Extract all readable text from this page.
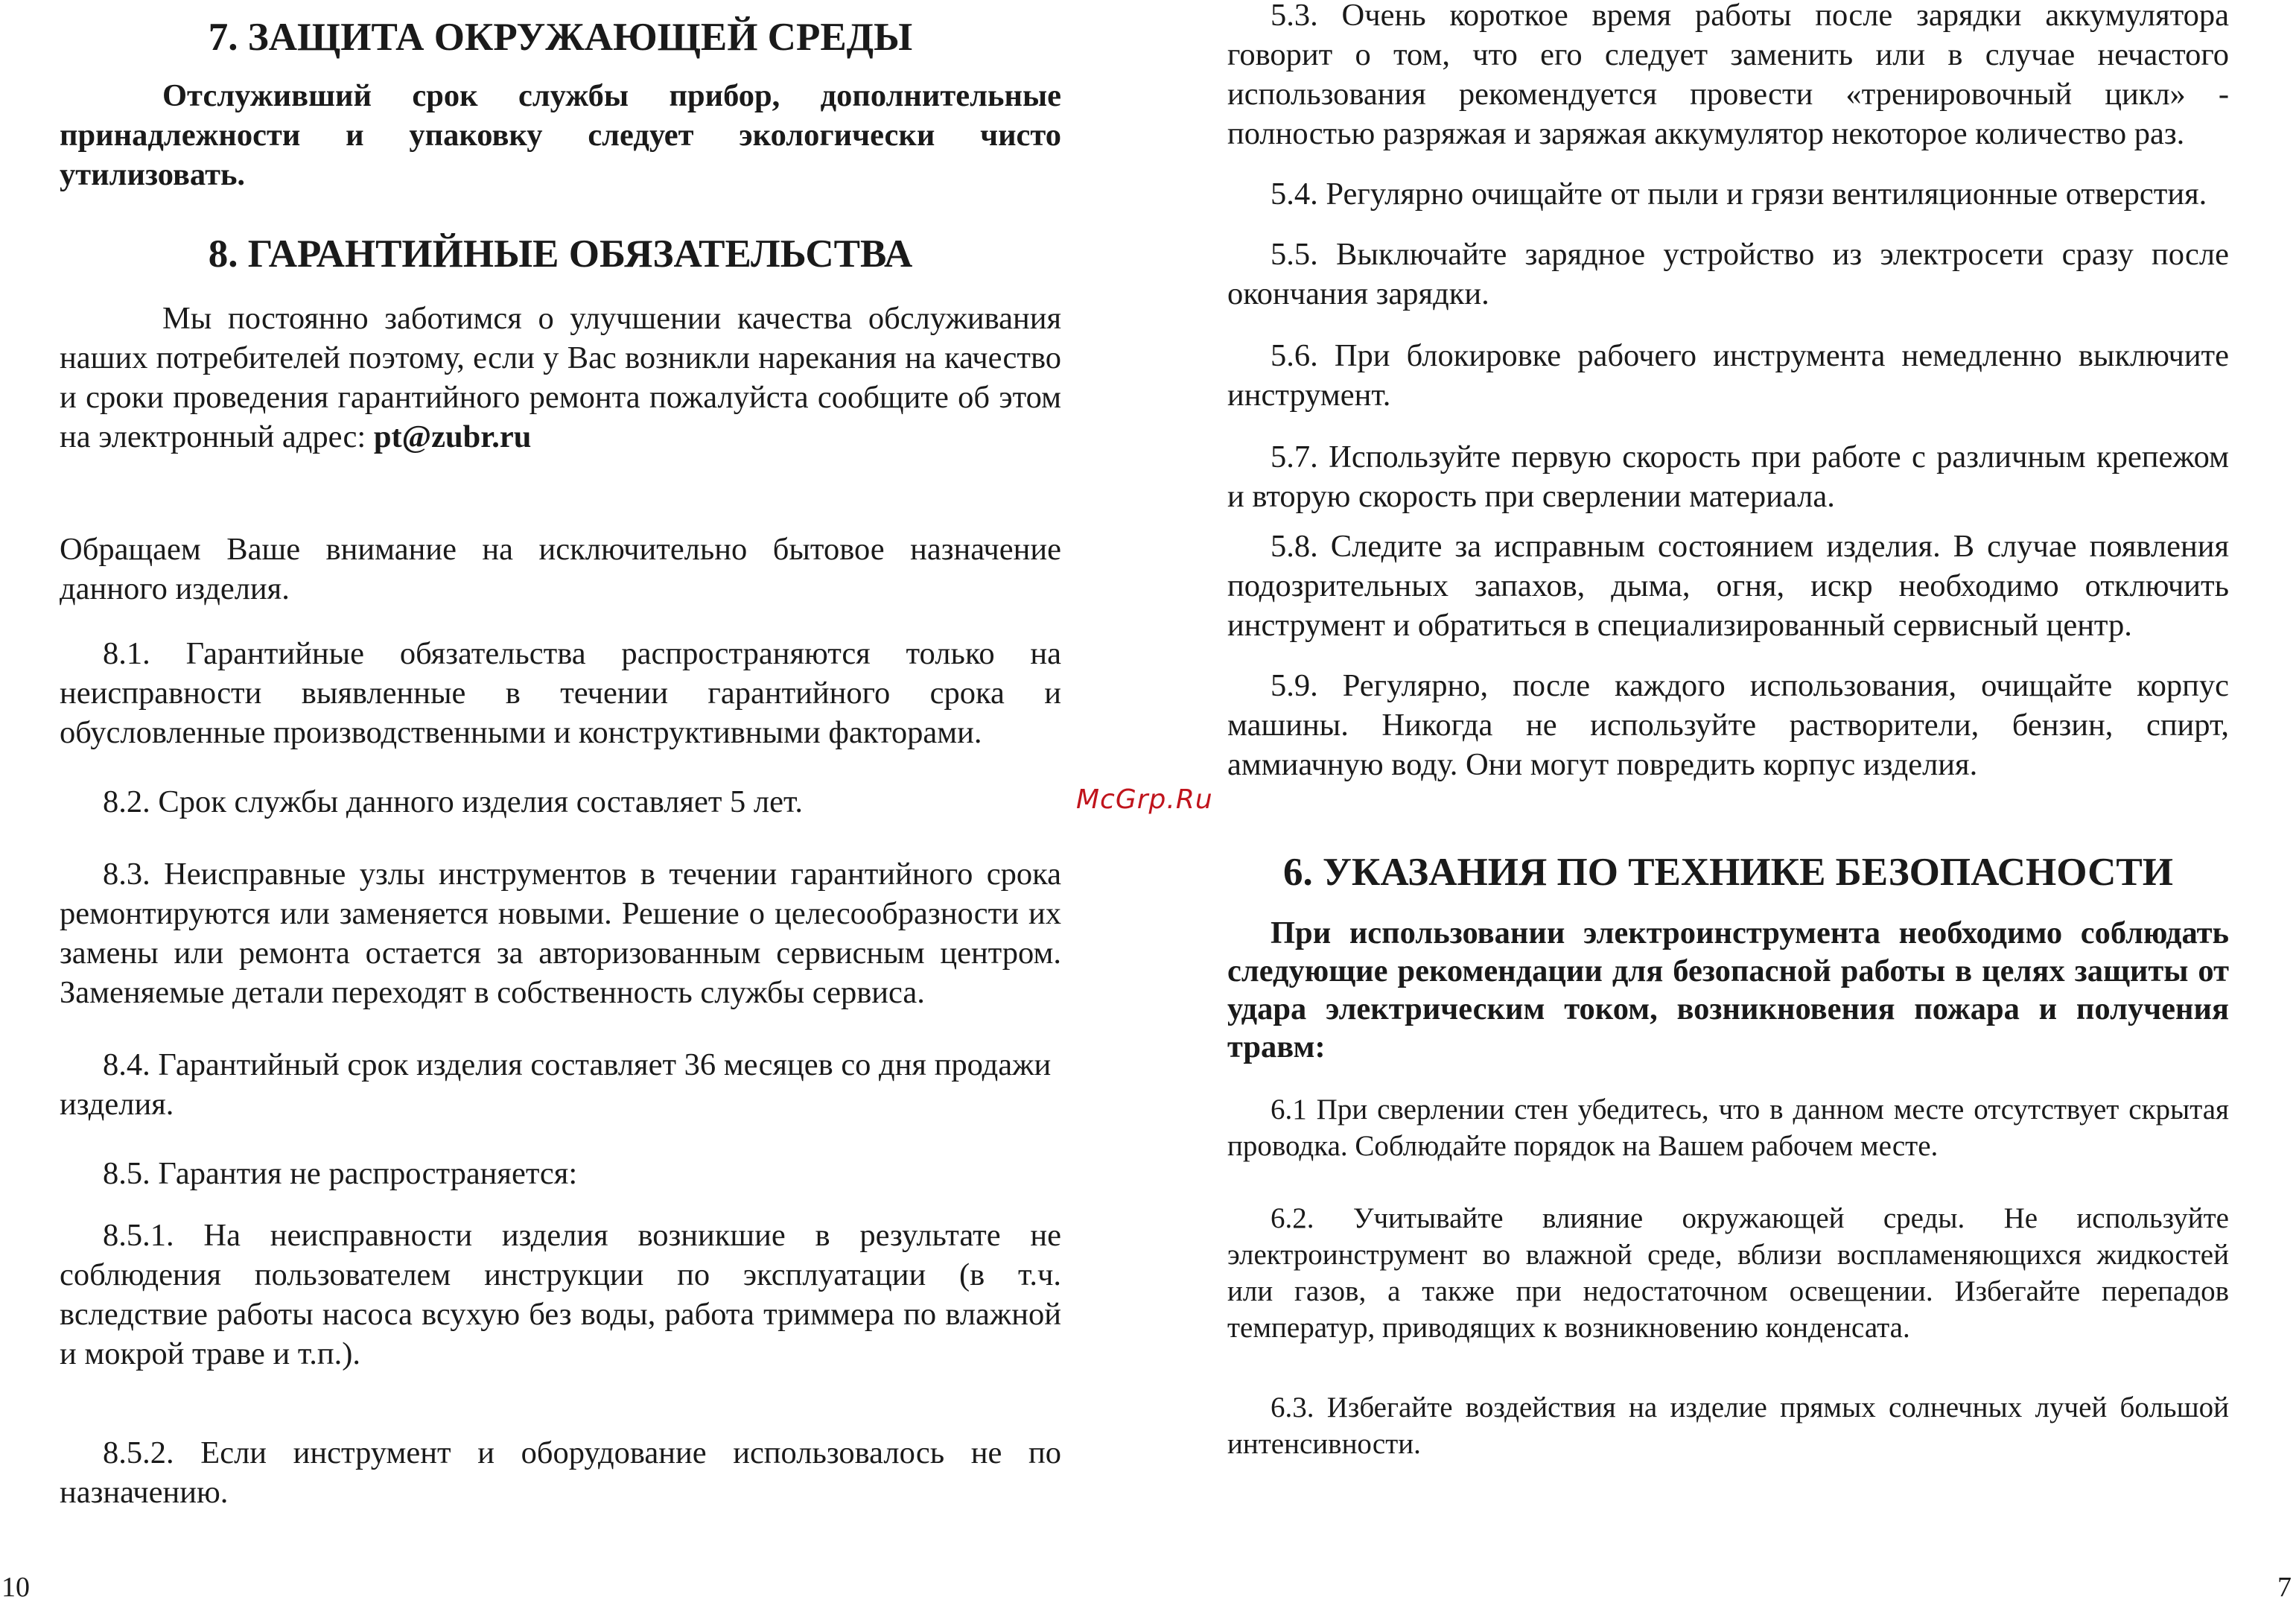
7. ЗАЩИТА ОКРУЖАЮЩЕЙ СРЕДЫ

Отслуживший срок службы прибор, дополнительные принадлежности и упаковку следует экологически чисто утилизовать.

8. ГАРАНТИЙНЫЕ ОБЯЗАТЕЛЬСТВА

Мы постоянно заботимся о улучшении качества обслуживания наших потребителей поэтому, если у Вас возникли нарекания на качество и сроки проведения гарантийного ремонта пожалуйста сообщите об этом на электронный адрес: pt@zubr.ru

Обращаем Ваше внимание на исключительно бытовое назначение данного изделия.

8.1. Гарантийные обязательства распространяются только на неисправности выявленные в течении гарантийного срока и обусловленные производственными и конструктивными факторами.

8.2. Срок службы данного изделия составляет 5 лет.

8.3. Неисправные узлы инструментов в течении гарантийного срока ремонтируются или заменяется новыми. Решение о целесообразности их замены или ремонта остается за авторизованным сервисным центром. Заменяемые детали переходят в собственность службы сервиса.

8.4. Гарантийный срок изделия составляет 36 месяцев со дня продажи изделия.

8.5. Гарантия не распространяется:

8.5.1. На неисправности изделия возникшие в результате не соблюдения пользователем инструкции по эксплуатации (в т.ч. вследствие работы насоса всухую без воды, работа триммера по влажной и мокрой траве и т.п.).

8.5.2. Если инструмент и оборудование использовалось не по назначению.

10
McGrp.Ru

5.3. Очень короткое время работы после зарядки аккумулятора говорит о том, что его следует заменить или в случае нечастого использования рекомендуется провести «тренировочный цикл» - полностью разряжая и заряжая аккумулятор некоторое количество раз.

5.4. Регулярно очищайте от пыли и грязи вентиляционные отверстия.

5.5. Выключайте зарядное устройство из электросети сразу после окончания зарядки.

5.6. При блокировке рабочего инструмента немедленно выключите инструмент.

5.7. Используйте первую скорость при работе с различным крепежом и вторую скорость при сверлении материала.

5.8. Следите за исправным состоянием изделия. В случае появления подозрительных запахов, дыма, огня, искр необходимо отключить инструмент и обратиться в специализированный сервисный центр.

5.9. Регулярно, после каждого использования, очищайте корпус машины. Никогда не используйте растворители, бензин, спирт, аммиачную воду. Они могут повредить корпус изделия.

6. УКАЗАНИЯ ПО ТЕХНИКЕ БЕЗОПАСНОСТИ

При использовании электроинструмента необходимо соблюдать следующие рекомендации для безопасной работы в целях защиты от удара электрическим током, возникновения пожара и получения травм:

6.1 При сверлении стен убедитесь, что в данном месте отсутствует скрытая проводка. Соблюдайте порядок на Вашем рабочем месте.

6.2. Учитывайте влияние окружающей среды. Не используйте электроинструмент во влажной среде, вблизи воспламеняющихся жидкостей или газов, а также при недостаточном освещении. Избегайте перепадов температур, приводящих к возникновению конденсата.

6.3. Избегайте воздействия на изделие прямых солнечных лучей большой интенсивности.

7
